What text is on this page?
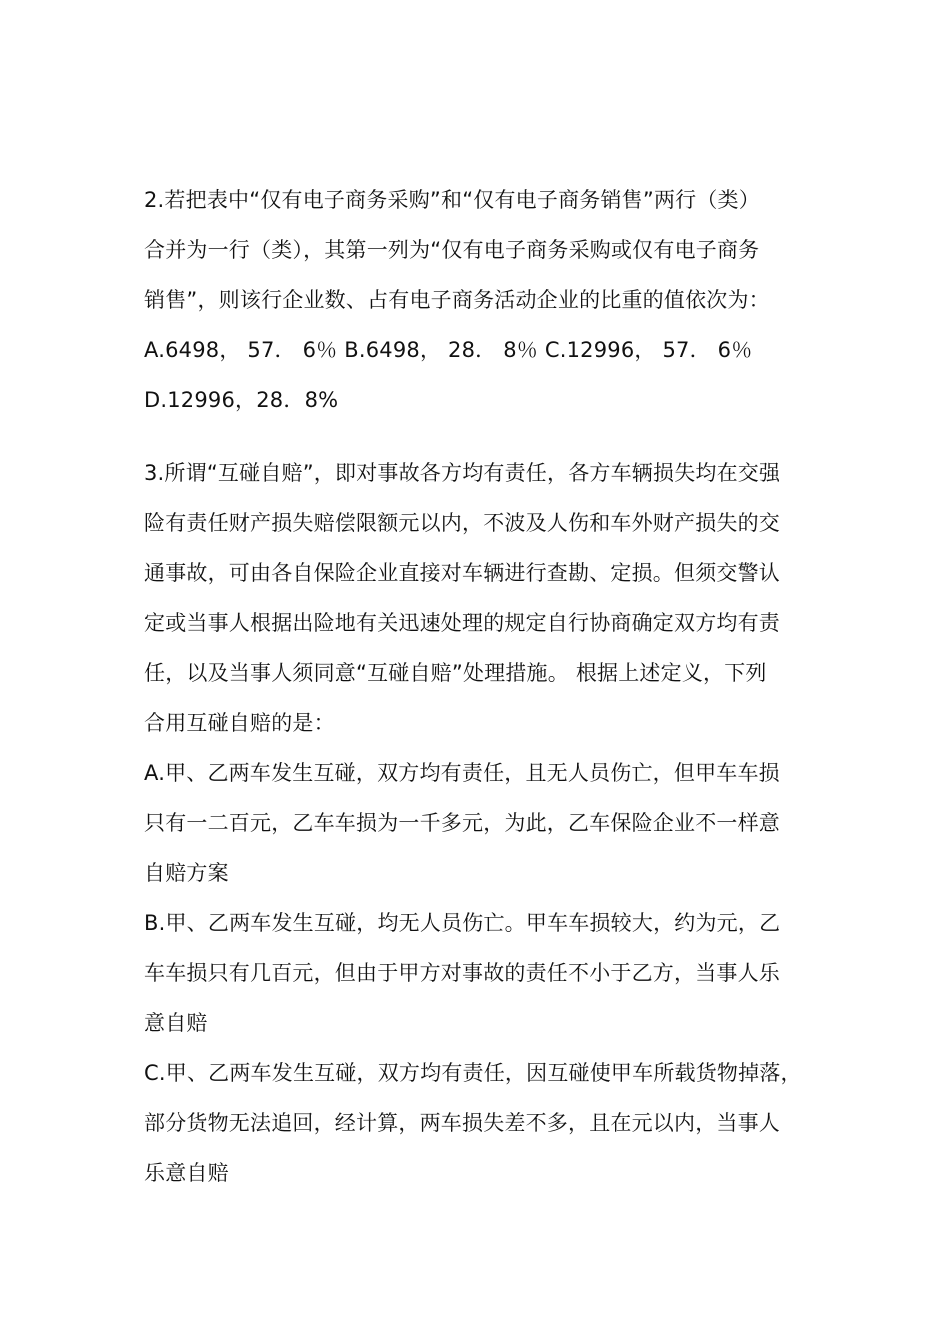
2.若把表中“仅有电子商务采购”和“仅有电子商务销售”两行（类）
合并为一行（类），其第一列为“仅有电子商务采购或仅有电子商务
销售”，则该行企业数、占有电子商务活动企业的比重的值依次为：
A.6498， 57． 6％ B.6498， 28． 8％ C.12996， 57． 6％
D.12996，28．8%
3.所谓“互碰自赔”，即对事故各方均有责任，各方车辆损失均在交强
险有责任财产损失赔偿限额元以内，不波及人伤和车外财产损失的交
通事故，可由各自保险企业直接对车辆进行查勘、定损。但须交警认
定或当事人根据出险地有关迅速处理的规定自行协商确定双方均有责
任，以及当事人须同意“互碰自赔”处理措施。 根据上述定义，下列
合用互碰自赔的是：
A.甲、乙两车发生互碰，双方均有责任，且无人员伤亡，但甲车车损
只有一二百元，乙车车损为一千多元，为此，乙车保险企业不一样意
自赔方案
B.甲、乙两车发生互碰，均无人员伤亡。甲车车损较大，约为元，乙
车车损只有几百元，但由于甲方对事故的责任不小于乙方，当事人乐
意自赔
C.甲、乙两车发生互碰，双方均有责任，因互碰使甲车所载货物掉落，
部分货物无法追回，经计算，两车损失差不多，且在元以内，当事人
乐意自赔
